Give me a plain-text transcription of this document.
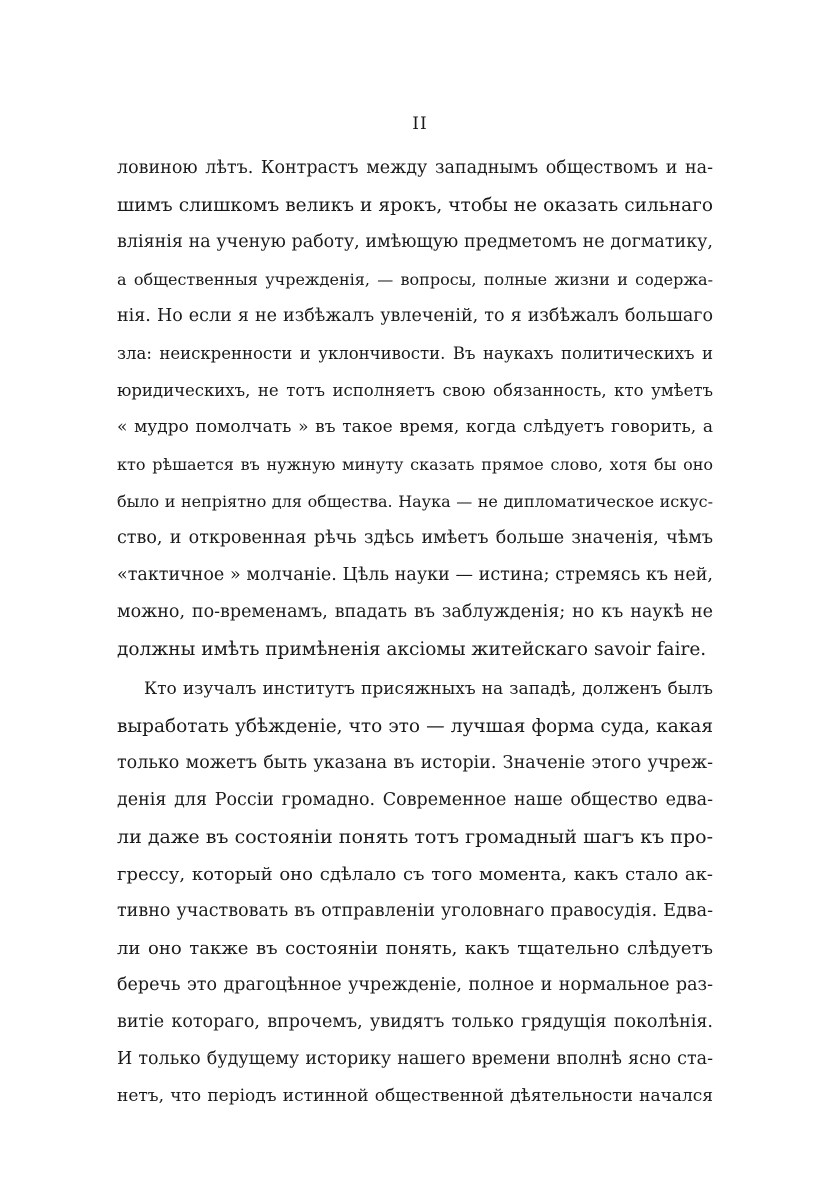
II
ловиною лѣтъ. Контрастъ между западнымъ обществомъ и на-
шимъ слишкомъ великъ и ярокъ, чтобы не оказать сильнаго
вліянія на ученую работу, имѣющую предметомъ не догматику,
а общественныя учрежденія, — вопросы, полные жизни и содержа-
нія. Но если я не избѣжалъ увлеченій, то я избѣжалъ большаго
зла: неискренности и уклончивости. Въ наукахъ политическихъ и
юридическихъ, не тотъ исполняетъ свою обязанность, кто умѣетъ
« мудро помолчать » въ такое время, когда слѣдуетъ говорить, а
кто рѣшается въ нужную минуту сказать прямое слово, хотя бы оно
было и непріятно для общества. Наука — не дипломатическое искус-
ство, и откровенная рѣчь здѣсь имѣетъ больше значенія, чѣмъ
«тактичное » молчаніе. Цѣль науки — истина; стремясь къ ней,
можно, по-временамъ, впадать въ заблужденія; но къ наукѣ не
должны имѣть примѣненія аксіомы житейскаго savoir faire.
Кто изучалъ институтъ присяжныхъ на западѣ, долженъ былъ
выработать убѣжденіе, что это — лучшая форма суда, какая
только можетъ быть указана въ исторіи. Значеніе этого учреж-
денія для Россіи громадно. Современное наше общество едва-
ли даже въ состояніи понять тотъ громадный шагъ къ про-
грессу, который оно сдѣлало съ того момента, какъ стало ак-
тивно участвовать въ отправленіи уголовнаго правосудія. Едва-
ли оно также въ состояніи понять, какъ тщательно слѣдуетъ
беречь это драгоцѣнное учрежденіе, полное и нормальное раз-
витіе котораго, впрочемъ, увидятъ только грядущія поколѣнія.
И только будущему историку нашего времени вполнѣ ясно ста-
нетъ, что періодъ истинной общественной дѣятельности начался
